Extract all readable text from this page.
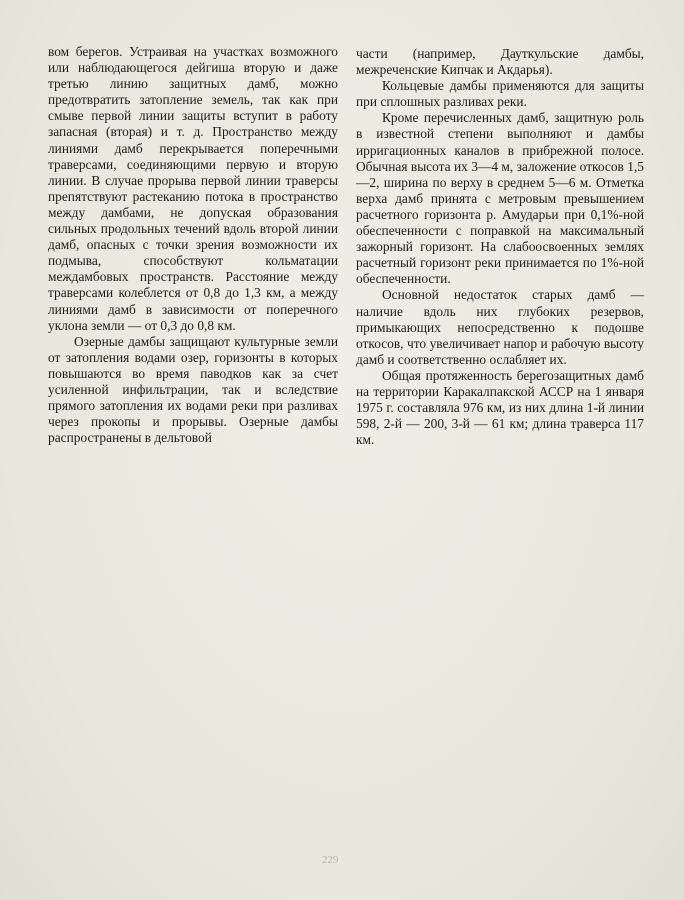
вом берегов. Устраивая на участках возможного или наблюдающегося дейгиша вторую и даже третью линию защитных дамб, можно предотвратить затопление земель, так как при смыве первой линии защиты вступит в работу запасная (вторая) и т. д. Пространство между линиями дамб перекрывается поперечными траверсами, соединяющими первую и вторую линии. В случае прорыва первой линии траверсы препятствуют растеканию потока в пространство между дамбами, не допуская образования сильных продольных течений вдоль второй линии дамб, опасных с точки зрения возможности их подмыва, способствуют кольматации междамбовых пространств. Расстояние между траверсами колеблется от 0,8 до 1,3 км, а между линиями дамб в зависимости от поперечного уклона земли — от 0,3 до 0,8 км.

Озерные дамбы защищают культурные земли от затопления водами озер, горизонты в которых повышаются во время паводков как за счет усиленной инфильтрации, так и вследствие прямого затопления их водами реки при разливах через прокопы и прорывы. Озерные дамбы распространены в дельтовой

части (например, Дауткульские дамбы, межреченские Кипчак и Акдарья).

Кольцевые дамбы применяются для защиты при сплошных разливах реки.

Кроме перечисленных дамб, защитную роль в известной степени выполняют и дамбы ирригационных каналов в прибрежной полосе. Обычная высота их 3—4 м, заложение откосов 1,5—2, ширина по верху в среднем 5—6 м. Отметка верха дамб принята с метровым превышением расчетного горизонта р. Амударьи при 0,1%-ной обеспеченности с поправкой на максимальный зажорный горизонт. На слабоосвоенных землях расчетный горизонт реки принимается по 1%-ной обеспеченности.

Основной недостаток старых дамб — наличие вдоль них глубоких резервов, примыкающих непосредственно к подошве откосов, что увеличивает напор и рабочую высоту дамб и соответственно ослабляет их.

Общая протяженность берегозащитных дамб на территории Каракалпакской АССР на 1 января 1975 г. составляла 976 км, из них длина 1-й линии 598, 2-й — 200, 3-й — 61 км; длина траверса 117 км.

229
